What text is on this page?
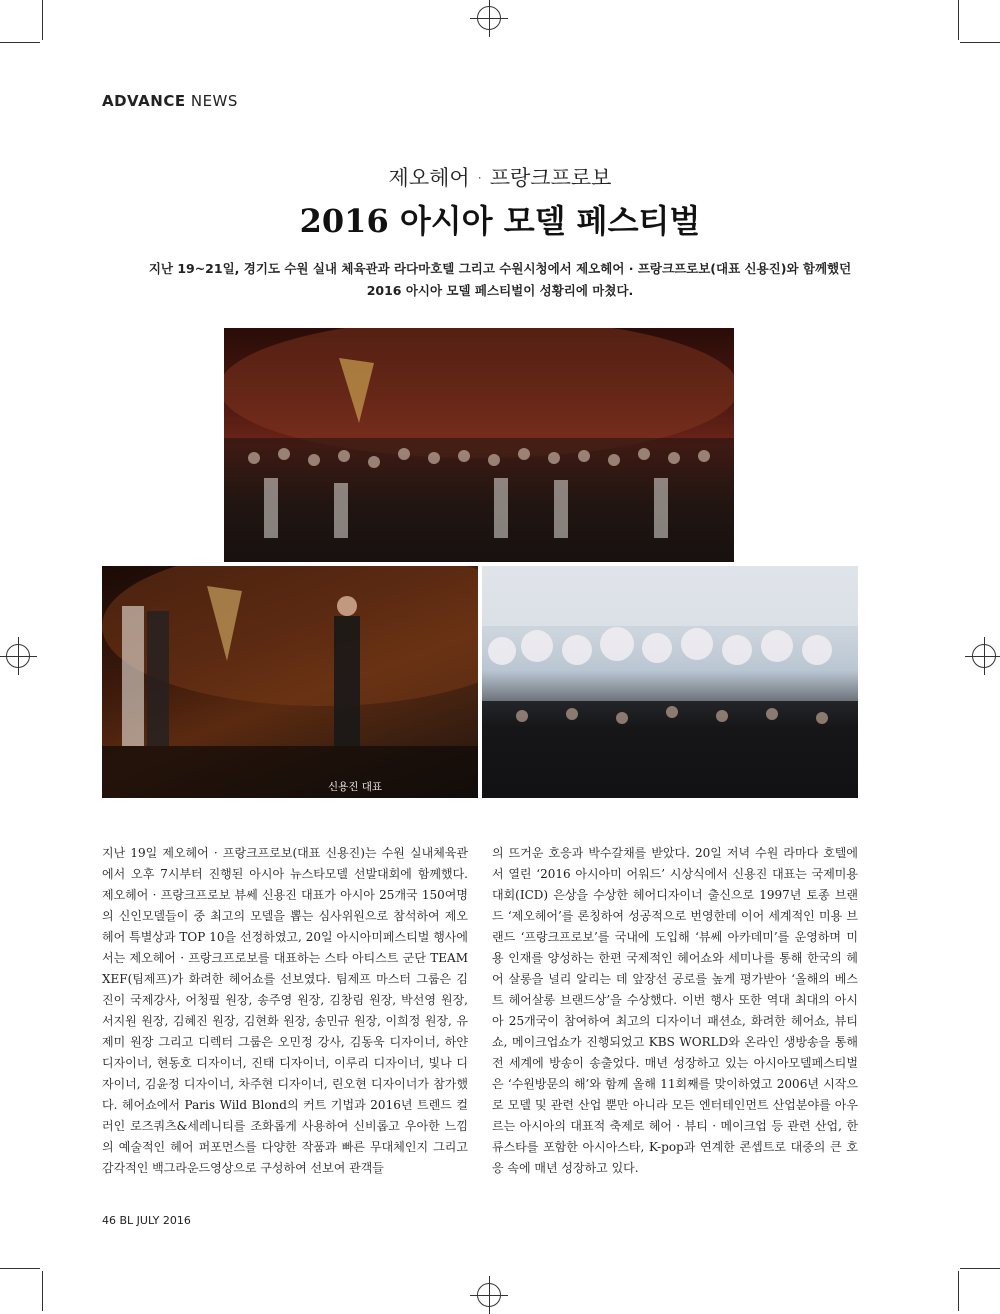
ADVANCE NEWS
제오헤어 · 프랑크프로보
2016 아시아 모델 페스티벌
지난 19~21일, 경기도 수원 실내 체육관과 라다마호텔 그리고 수원시청에서 제오헤어 · 프랑크프로보(대표 신용진)와 함께했던
2016 아시아 모델 페스티벌이 성황리에 마쳤다.
신용진 대표
지난 19일 제오헤어 · 프랑크프로보(대표 신용진)는 수원 실내체육관에서 오후 7시부터 진행된 아시아 뉴스타모델 선발대회에 함께했다. 제오헤어 · 프랑크프로보 뷰쎄 신용진 대표가 아시아 25개국 150여명의 신인모델들이 중 최고의 모델을 뽑는 심사위원으로 참석하여 제오헤어 특별상과 TOP 10을 선정하였고, 20일 아시아미페스티벌 행사에서는 제오헤어 · 프랑크프로보를 대표하는 스타 아티스트 군단 TEAM XEF(팀제프)가 화려한 헤어쇼를 선보였다. 팀제프 마스터 그룹은 김진이 국제강사, 어청필 원장, 송주영 원장, 김창림 원장, 박선영 원장, 서지원 원장, 김혜진 원장, 김현화 원장, 송민규 원장, 이희정 원장, 유제미 원장 그리고 디렉터 그룹은 오민정 강사, 김동욱 디자이너, 하얀 디자이너, 현동호 디자이너, 진태 디자이너, 이루리 디자이너, 빛나 디자이너, 김윤정 디자이너, 차주현 디자이너, 린오현 디자이너가 참가했다. 헤어쇼에서 Paris Wild Blond의 커트 기법과 2016년 트렌드 컬러인 로즈쿼츠&세레니티를 조화롭게 사용하여 신비롭고 우아한 느낌의 예술적인 헤어 퍼포먼스를 다양한 작품과 빠른 무대체인지 그리고 감각적인 백그라운드영상으로 구성하여 선보여 관객들
의 뜨거운 호응과 박수갈채를 받았다. 20일 저녁 수원 라마다 호텔에서 열린 ‘2016 아시아미 어워드’ 시상식에서 신용진 대표는 국제미용대회(ICD) 은상을 수상한 헤어디자이너 출신으로 1997년 토종 브랜드 ‘제오헤어’를 론칭하여 성공적으로 번영한데 이어 세계적인 미용 브랜드 ‘프랑크프로보’를 국내에 도입해 ‘뷰쎄 아카데미’를 운영하며 미용 인재를 양성하는 한편 국제적인 헤어쇼와 세미나를 통해 한국의 헤어 살롱을 널리 알리는 데 앞장선 공로를 높게 평가받아 ‘올해의 베스트 헤어살롱 브랜드상’을 수상했다. 이번 행사 또한 역대 최대의 아시아 25개국이 참여하여 최고의 디자이너 패션쇼, 화려한 헤어쇼, 뷰티쇼, 메이크업쇼가 진행되었고 KBS WORLD와 온라인 생방송을 통해 전 세계에 방송이 송출었다. 매년 성장하고 있는 아시아모델페스티벌은 ‘수원방문의 해’와 함께 올해 11회째를 맞이하였고 2006년 시작으로 모델 및 관련 산업 뿐만 아니라 모든 엔터테인먼트 산업분야를 아우르는 아시아의 대표적 축제로 헤어 · 뷰티 · 메이크업 등 관련 산업, 한류스타를 포함한 아시아스타, K-pop과 연계한 콘셉트로 대중의 큰 호응 속에 매년 성장하고 있다.
46 BL JULY 2016
